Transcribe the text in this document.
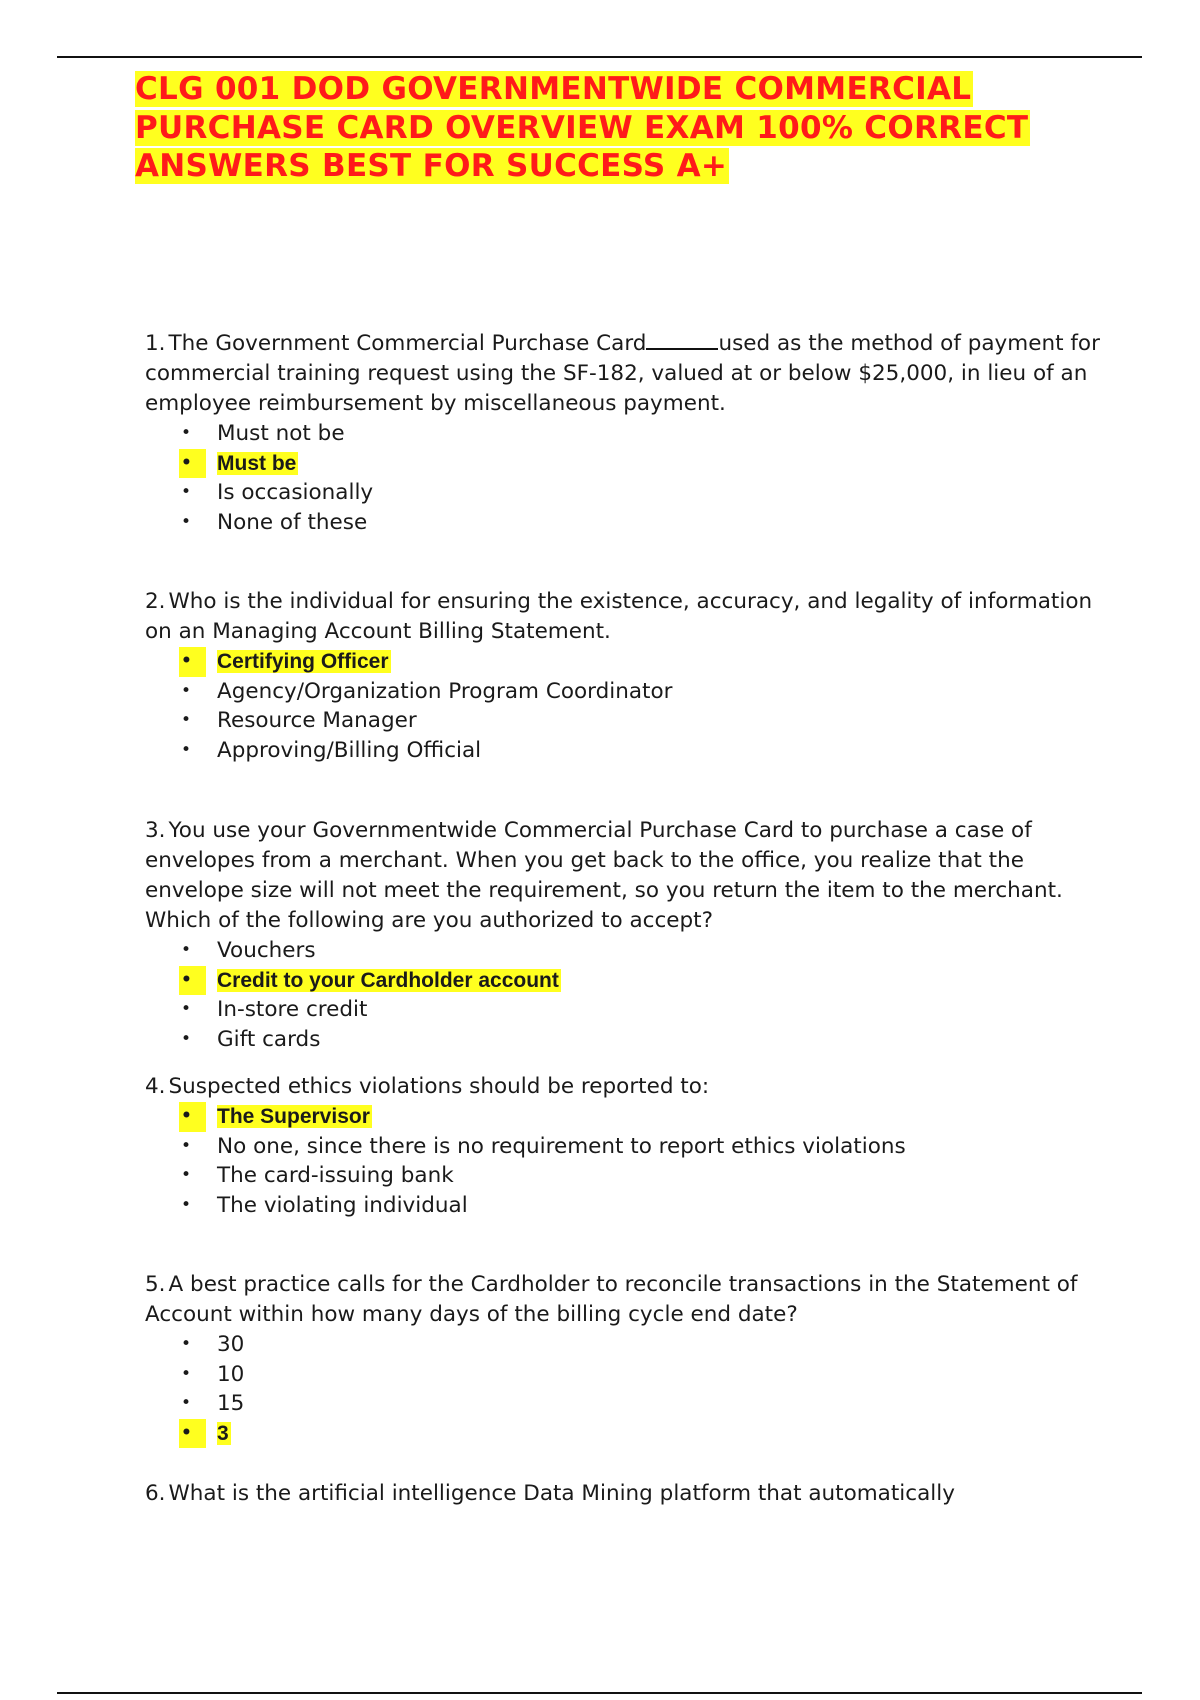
CLG 001 DOD GOVERNMENTWIDE COMMERCIAL
PURCHASE CARD OVERVIEW EXAM 100% CORRECT
ANSWERS BEST FOR SUCCESS A+

1. The Government Commercial Purchase Card	used as the method of payment for commercial training request using the SF-182, valued at or below $25,000, in lieu of an employee reimbursement by miscellaneous payment.

• Must not be
•	Must be
• Is occasionally
• None of these

2. Who is the individual for ensuring the existence, accuracy, and legality of information on an Managing Account Billing Statement.

•	Certifying Officer
• Agency/Organization Program Coordinator
• Resource Manager
• Approving/Billing Official

3. You use your Governmentwide Commercial Purchase Card to purchase a case of envelopes from a merchant. When you get back to the office, you realize that the envelope size will not meet the requirement, so you return the item to the merchant. Which of the following are you authorized to accept?

• Vouchers
•	Credit to your Cardholder account
• In-store credit
• Gift cards

4. Suspected ethics violations should be reported to:

•	The Supervisor
• No one, since there is no requirement to report ethics violations
• The card-issuing bank
• The violating individual

5. A best practice calls for the Cardholder to reconcile transactions in the Statement of Account within how many days of the billing cycle end date?

• 30
• 10
• 15
•	3

6. What is the artificial intelligence Data Mining platform that automatically
